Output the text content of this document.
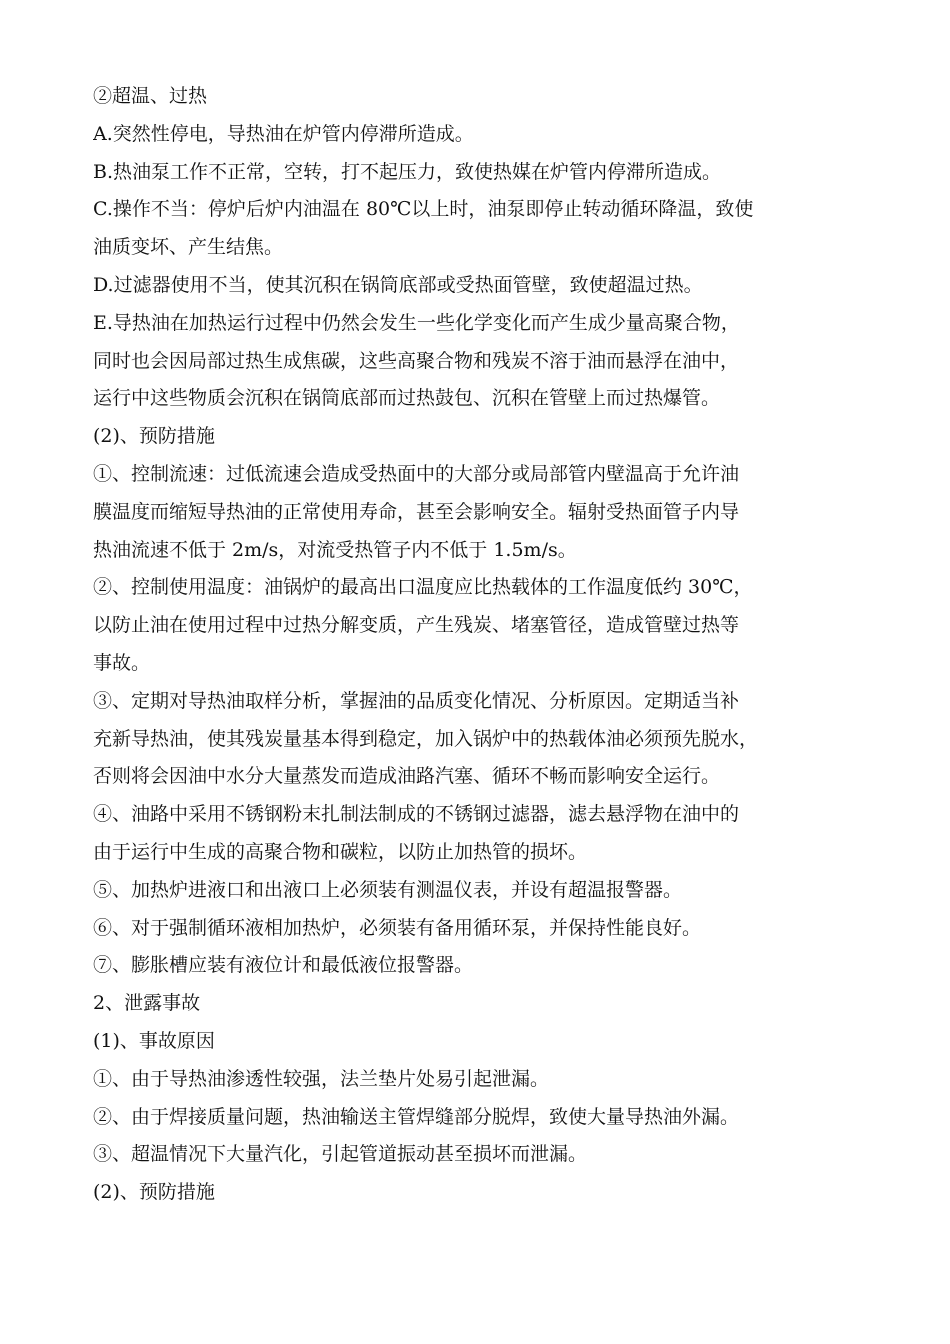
②超温、过热
A.突然性停电，导热油在炉管内停滞所造成。
B.热油泵工作不正常，空转，打不起压力，致使热媒在炉管内停滞所造成。
C.操作不当：停炉后炉内油温在 80℃以上时，油泵即停止转动循环降温，致使
油质变坏、产生结焦。
D.过滤器使用不当，使其沉积在锅筒底部或受热面管壁，致使超温过热。
E.导热油在加热运行过程中仍然会发生一些化学变化而产生成少量高聚合物，
同时也会因局部过热生成焦碳，这些高聚合物和残炭不溶于油而悬浮在油中，
运行中这些物质会沉积在锅筒底部而过热鼓包、沉积在管壁上而过热爆管。
(2)、预防措施
①、控制流速：过低流速会造成受热面中的大部分或局部管内壁温高于允许油
膜温度而缩短导热油的正常使用寿命，甚至会影响安全。辐射受热面管子内导
热油流速不低于 2m/s，对流受热管子内不低于 1.5m/s。
②、控制使用温度：油锅炉的最高出口温度应比热载体的工作温度低约 30℃，
以防止油在使用过程中过热分解变质，产生残炭、堵塞管径，造成管壁过热等
事故。
③、定期对导热油取样分析，掌握油的品质变化情况、分析原因。定期适当补
充新导热油，使其残炭量基本得到稳定，加入锅炉中的热载体油必须预先脱水，
否则将会因油中水分大量蒸发而造成油路汽塞、循环不畅而影响安全运行。
④、油路中采用不锈钢粉末扎制法制成的不锈钢过滤器，滤去悬浮物在油中的
由于运行中生成的高聚合物和碳粒，以防止加热管的损坏。
⑤、加热炉进液口和出液口上必须装有测温仪表，并设有超温报警器。
⑥、对于强制循环液相加热炉，必须装有备用循环泵，并保持性能良好。
⑦、膨胀槽应装有液位计和最低液位报警器。
2、泄露事故
(1)、事故原因
①、由于导热油渗透性较强，法兰垫片处易引起泄漏。
②、由于焊接质量问题，热油输送主管焊缝部分脱焊，致使大量导热油外漏。
③、超温情况下大量汽化，引起管道振动甚至损坏而泄漏。
(2)、预防措施
